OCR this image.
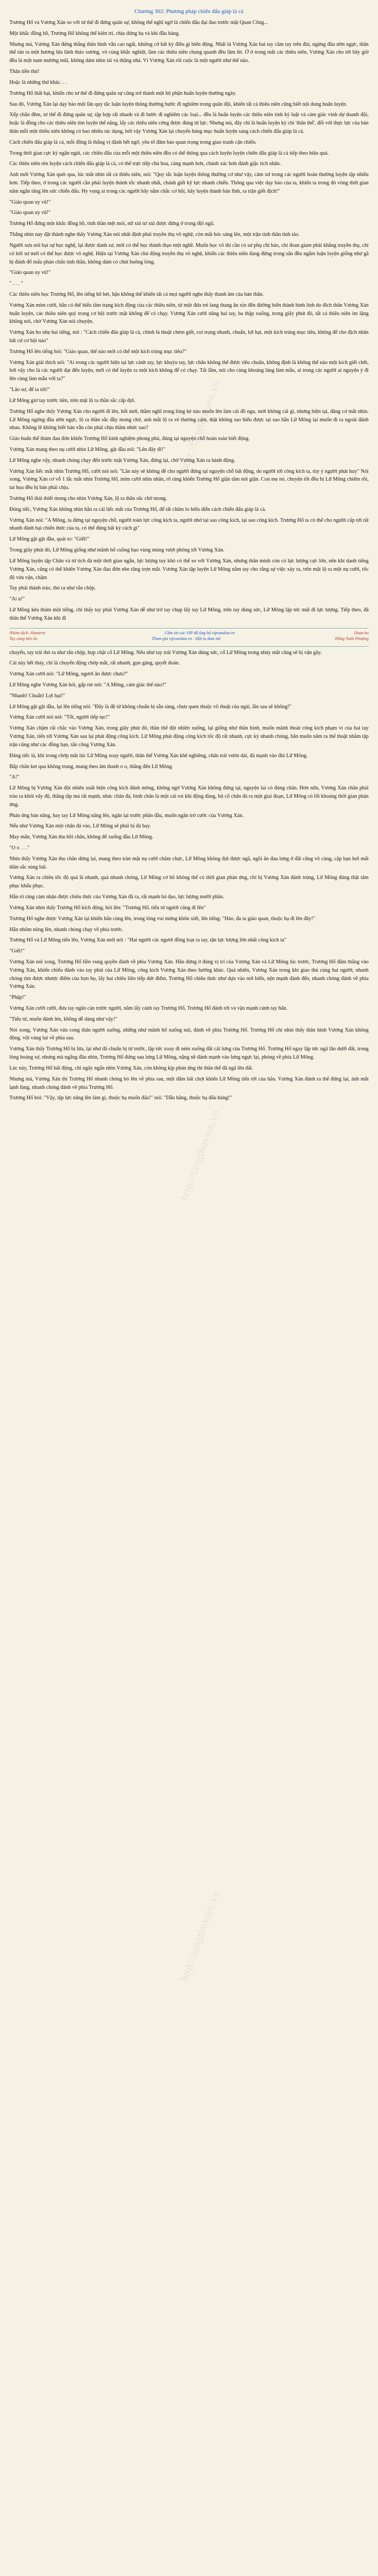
Chương 302: Phương pháp chiến đấu giáp lá cà

Trương Hổ và Vương Xán so với từ thế đi đứng quân sự, không thể nghĩ ngờ là chiến đấu đại đao trước mặt Quan Công...

Một khắc đồng hồ, Trương Hổ không thể kiên trì, chịu đứng hạ và khí đầu hàng.

Nhưng mà, Vương Xán đứng thẳng thân hình vẫn cao ngất, khiêng cờ bất kỳ điều gì biến động. Nhất là Vương Xán hai tay cầm tay trên đùi, ngừng đầu ườn ngực, thân thể tản ra một hương lửa lãnh thảo xương, vô cùng khắc nghiệt, làm các thiêu niên chung quanh đều lâm lét. Ở ở trong mắt các thiêu niên, Vương Xán cho tới bây giờ đều là một nam mương mũi, không dám nhìn tái và thẳng nhà. Vì Vương Xán rốt cuộc là một người như thế nào.

Thân tiền thủ!

Hoặc là những thứ khác. . .

Trương Hổ thất bại, khiến cho tư thế đi đứng quân sự cũng trở thành một bộ phận huấn luyện thường ngày.

Sau đó, Vương Xán lại dạy bảo một lần quy tắc luận luyện thông thường bước đi nghiêm trong quân đội, khiến tất cả thiêu niên cũng biết nội dung huấn luyện.

Xếp chắn đêm, tư thế đi đứng quân sự, tập hợp rất nhanh và đi bước đi nghiêm các loại... đều là huấn luyện các thiêu niên tính kỷ luật và cảm giác vinh dự doanh đội, hoặc là đồng cho các thiêu niên tìm luyện thể năng, lấy các thiêu niên cứng được đúng từ lực. Nhưng mà, đây chỉ là huấn luyện kỳ chỉ 'thân thể', đối với thực lực của bản thân mỗi một thiêu niên không có bao nhiêu tác dụng, bởi vậy Vương Xán lại chuyển hàng mục huấn luyện sang cách chiến đấu giáp lá cà.

Cách chiến đấu giáp lá cà, mỗi đồng là thắng vị đánh bết ngờ, yêu tố đâm bảo quan trọng trong giao tranh cận chiến.

Trong thời gian cực kỳ ngắn ngủi, các chiêu đấu của mỗi một thiêu niên đều có thể thông qua cách luyện luyện chiến đấu giáp lá cà tiếp theo hiệu quả.

Các thiêu niên rèn luyện cách chiến đấu giáp lá cà, có thể trực tiếp chù hoa, càng mạnh hơn, chánh xác hơn đánh giặc tích nhân.

Anh mới Vương Xán quét qua, lúc mắt nhìn tất cả thiêu niên, nói: "Quy tắc luận luyện thông thường cơ như vậy, cảm xứ trong các người hoàn thường luyện tập nhiều hơn. Tiếp theo, ở trong các người cần phải luyện thành tốc nhanh nhất, chánh giết kỹ lực nhanh chiến. Thông qua việc dạy bảo của ta, khiến ta trong đó vòng thời gian năm ngắn tăng lên sức chiến đấu. Hy vọng ai trong các người hãy nắm chắc cơ hội, hãy luyện thành bản lĩnh, ra trận giết địch!"

"Giáo quan uy vũ!"

"Giáo quan uy vũ!"

Trương Hổ đứng một khắc đồng hồ, tinh thần mệt mỏi, nữ xùi tư xùi được đứng ở trong đội ngũ.

Thắng nhìn nay đặt thành nghe thấy Vương Xán nói nhất định phải truyền thụ võ nghệ, còn mắt hóc sáng lên, một trận tinh thần tỉnh táo.

Người xưa nói bại sự học nghệ, lại được danh sư, mới có thể học thành thạo một nghề. Muốn học võ thì cần có sư phụ chỉ bảo, chỉ đoan giam phải khẳng truyền thụ, chỉ có bởi sư mới có thể học được võ nghệ. Hiện tại Vương Xán chủ động truyền thụ võ nghệ, khiến các thiêu niên đang đứng trong sân đều ngắm luận luyện giống như gã bị đánh đổ mấu phản chấn tinh thần, không dám có chút buông lỏng.

"Giáo quan uy vũ!"

" . . . "

Các thiêu niên học Trương Hổ, lên tiếng hô hét, hận không thể khiến tất cả mọi người nghe thấy thanh âm của bản thân.

Vương Xán mỉm cười, hắn có thể hiểu tâm trạng kích động của các thiêu niên, từ một đứa trẻ lang thang ăn xin đến đường biến thành binh lính do đích thân Vương Xán huấn luyện, các thiêu niên quý trọng cơ hội trước mặt không để có chạy. Vương Xán cười năng hai tay, ba thập xuống, trong giây phút đó, tất cả thiêu niên im lặng không nói, chờ Vương Xán nói chuyện.

Vương Xán ho nhẹ hai tiếng, nói : "Cách chiến đấu giáp lá cà, chính là thuật chém giết, coi trọng nhanh, chuẩn, lợi hại, một kích trúng mục tiêu, không để cho địch nhân bất cứ cơ hội nào"

Trương Hổ lên tiếng hỏi: "Giáo quan, thế nào mới có thể một kích trúng mục tiêu?"

Vương Xán giải thích nói: "Ai trong các người hiện tại lực cánh tay, lực khuỷu tay, lực chân không thể được tiêu chuẩn, không định là không thể nào một kích giết chết, bởi vậy cho là các người đạt đến luyện, mới có thể luyện ra một kích không để có chạy. Tất lẫm, nói cho cùng khoảng làng làm mẫu, ai trong các người ai nguyện ý đi lên cùng làm mẫu với ta?"

"Lão sư, để ta tới!"

Lữ Mông giơ tay trước tiên, trên mặt lộ ra thần sắc cấp đợi.

Trương Hổ nghe thấy Vương Xán cho người đi lên, hối mới, thầm nghĩ trong lòng kẻ nào muốn lên làm cái đồ ngu, mới không cái gì, nhưng hiện tại, đăng cơ mắt nhìn. Lữ Mông ngừng đầu ườn ngực, lộ ra thần sắc đầy mong chờ, anh mắt lộ ra vẻ thương cảm, thật không sao hiểu được tại sao hắn Lữ Mông lại muốn đi ra ngoài đánh nhau. Không lẽ không biết bản vẫn còn phải chịu thầm nhức sao?

Giáo huấn thể thảm đau đớn khiến Trương Hổ kinh nghiệm phong phú, đúng tại nguyện chỗ hoàn toàn biết động.

Vương Xán mang theo nụ cười nhìn Lữ Mông, gật đầu nói: "Lên đây đi!"

Lữ Mông nghe vậy, nhanh chóng chạy đến trước mặt Vương Xán, đứng lại, chờ Vương Xán ra hành động.

Vương Xán liếc mắt nhìn Trương Hổ, cười nói nói: "Lần này sẽ không để cho người đứng tại nguyện chỗ bất động, do người tới công kích ta, tùy ý người phát huy" Nói xong, Vương Xán cơ vỗ 1 lắc mắt nhìn Trương Hổ, mỉm cười nhìn nhân, rõ ràng khiến Trương Hổ giận tâm nói giận. Con mẹ nó, chuyện tốt đều bị Lữ Mông chiếm rồi, tai họa đều bị bản phải chịu.

Trương Hổ thái thiết mong cho nhìn Vương Xán, lộ ra thần sắc chờ mong.

Đúng tiếc, Vương Xán không nhìn hắn ra cái liếc mắt của Trương Hổ, để tất chăm lo biểu diễn cách chiến đấu giáp lá cà.

Vương Xán nói: "A Mông, ta đứng tại nguyện chỗ, người toàn lực công kích ta, người nhớ tại sao công kích, tại sao công kích. Trương Hổ ta có thể cho người cấp tới rất nhanh đánh bại chiến thức của ta, có thể đúng bất kỳ cách gì"

Lữ Mông gật gật đầu, quát to: "Giết!"

Trong giây phút đó, Lữ Mông giống như mãnh hổ cuồng bạo vùng mùng vượt phóng tới Vương Xán.

Lữ Mông luyện tập Chân và từ tích đá một thời gian ngắn, lực lượng tuy khó có thể so với Vương Xán, nhưng thân mình còn có lực lượng cực lớn, nên khí danh tiếng Vương Xán, cũng có thể khiến Vương Xán đau đớn nhe răng trợn mắt. Vương Xán tập luyện Lữ Mông nắm tay cho rằng sự việc xảy ra, trên mặt lộ ra một nụ cười, tốc độ vừa vặn, chậm

Tay phải thành trảo, thò ra như rắn chộp.

"Ai u!"

Lữ Mông kêu thảm một tiếng, chỉ thấy tay phải Vương Xán dễ như trở tay chụp lấy tay Lữ Mông, trên tay dùng sức, Lữ Mông lập tức mất đi lực lượng. Tiếp theo, đã thân thể Vương Xán khi đi

Nhóm dịch: Hunterst	Cầm ơn các VIP đã ủng hộ vipvandan.vn	Doạn ko
Tay cùng bên ôn	Tham gia vipvandan.vn - Hội tụ đam mê	Đồng Nuôi Phượng

chuyển, tay trái thò ra như rắn chộp, họp chặt cổ Lữ Mông. Nếu như tay trái Vương Xán dùng sức, cổ Lữ Mông trong nháy mắt cũng sẽ bị vặn gãy.

Cái này hết thảy, chỉ là chuyển động chớp mắt, rất nhanh, gọn gàng, quyết đoán.

Vương Xán cười nói: "Lữ Mông, ngươi ăn được chưa?"

Lữ Mông nghe Vương Xán hỏi, gấp rút nói: "A Mông, cảm giác thế nào?"

"Nhanh! Chuẩn! Lợi hại!"

Lữ Mông gật gật đầu, lại lên tiếng nói: "Đây là đệ tử không chuẩn bị sẵn sàng, chưa quen thuộc võ thuật của ngài, lần sau sẽ không!"

Vương Xán cười nói nói: "Tốt, người tiếp tục!"

Vương Xán chậm rãi chắc vào Vương Xán, trong giây phút đó, thần thế đột nhiên xuống, lại giống như thần hình, muốn mãnh thoát công kích phạm vi của hai tay Vương Xán, tiến tới Vương Xán sau lại phát động công kích. Lữ Mông phát động công kích tốc độ rất nhanh, cực kỳ nhanh chóng, hắn muốn nắm ra thể thuật nhằm tập trận cũng như các đồng bạn, tấn công Vương Xán.

Đáng tiếc là, khi trong chớp mắt lúc Lữ Mông xoay người, thân thể Vương Xán khẽ nghiêng, chân trái vươn dài, đá mạnh vào đùi Lữ Mông.

Bắp chân ket qua không trung, mang theo âm thanh o o, thẳng đến Lữ Mông.

"A!"

Lữ Mông bị Vương Xán đột nhiên xuất hiện công kích đánh mông, không ngờ Vương Xán không đứng tại, nguyện lai có đúng chân. Hơn nữa, Vương Xán chân phải trảo ra khỏi vây độ, thẳng tắp mà rất mạnh, nhác chân đá, bình chân là một cái roi khi động đàng, bộ cổ chân đá ra một giai đoạn, Lữ Mông có lối khoảng thời gian phản ứng.

Phản ứng bản năng, hay tay Lữ Mông nâng lên, ngăn lại trước phần đầu, muốn ngăn trở cước của Vương Xán.

Nếu như Vương Xán một chân đá vào, Lữ Mông sẽ phải bị đá bay.

May mắn, Vương Xán thu hồi chân, không để xuống đầu Lữ Mông.

"O o . . ."

Nhìn thấy Vương Xán thu chân dừng lại, mang theo tràn mặt nụ cười chăm chực, Lữ Mông không đợi được ngã, ngồi ăn đau lưng ở đất cũng vô cùng, cặp bạn hơi mất thần sắc sùng bái.

Vương Xán ra chiêu tốc độ quá là nhanh, quá nhanh chóng, Lữ Mông cơ hồ không thể có thời gian phản ứng, chỉ bị Vương Xán đánh trúng, Lữ Mông đúng thật tâm phục khẩu phục.

Hắn rõ ràng cảm nhận được chiêu thức của Vương Xán đã ra, rất mạnh bá đạo, lực lượng mười phần.

Vương Xán nhìn thấy Trương Hổ kích động, hỏi lên: "Trương Hổ, tiểu tử ngươi cũng đi lên"

Trương Hổ nghe được Vương Xán lại khiến hắn cùng lên, trong lòng vui mừng khôn xiết, lên tiếng: "Hảo, đa ta giáo quan, thuộc hạ đi lên đây!"

Hắn nhôm nông lên, nhanh chóng chạy về phía trước.

Trương Hổ và Lữ Mông tiến lên, Vương Xán mới nói : "Hai người các ngươi đồng loạt ra tay, tận lực lượng lớn nhất công kích ta"

"Giết!"

Vương Xán nói xong, Trương Hổ liền vung quyền đánh về phía Vương Xán. Hắn đứng ở đúng vị trí của Vương Xán và Lữ Mông lúc trước, Trương Hổ đấm thẳng vào Vương Xán, khiến chiếu đánh vào tay phải của Lữ Mông, công kích Vương Xán theo hướng khác. Quả nhiên, Vương Xán trong khi giao thủ cùng hai người, nhanh chóng tìm được nhược điểm của bọn họ, lấy hai chiêu liên tiếp dứt điểm, Trương Hổ chiêu thức như dựa vào nơi biển, nện mạnh đánh đến, nhanh chóng đánh về phía Vương Xán.

"Phập!"

Vương Xán cười cười, đưa tay ngăn cản trước người, nắm lấy cánh tay Trương Hổ, Trương Hổ đánh tới và vặn mạnh cánh tay hắn.

"Tiểu tử, muốn đánh lén, không dễ dàng như vậy!"

Nói xong, Vương Xán vừa cong thân người xuống, những như mãnh hổ xuống núi, đánh về phía Trương Hổ. Trương Hổ chỉ nhìn thấy thân hình Vương Xán không động, vội vàng lui về phía sau.

Vương Xán thấy Trương Hổ bị lừa, lại như đã chuẩn bị từ trước, lập tức xoay đi ném xuống đất cái lưng của Trương Hổ. Trương Hổ ngay lập tức ngã lăn dưới đất, trong lòng hoảng sợ, nhưng mà ngẩng đầu nhìn, Trương Hổ đứng sau lưng Lữ Mông, nặng nề đánh mạnh vào lưng ngực lại, phóng về phía Lữ Mông.

Lúc này, Trương Hổ bất động, chỉ ngây ngẩn nhìn Vương Xán, còn không kịp phản ứng thì thân thể đã ngã lên đất.

Nhưng mà, Vương Xán thì Trương Hổ nhanh chóng bò lên về phía sau, một đấm bất chợt khiến Lữ Mông tiến tới của hắn. Vương Xán đánh ra thế đứng lại, ánh mắt lạnh lùng, nhanh chóng đánh về phía Trương Hổ.

Trương Hổ hỏi: "Vậy, tập lực năng lên làm gì, thuộc hạ muốn đấu!" nói: "Dẫu hăng, thuộc hạ đấu hàng!"

http://tangthuvien.vn
http://tangthuvien.vn
http://tangthuvien.vn
